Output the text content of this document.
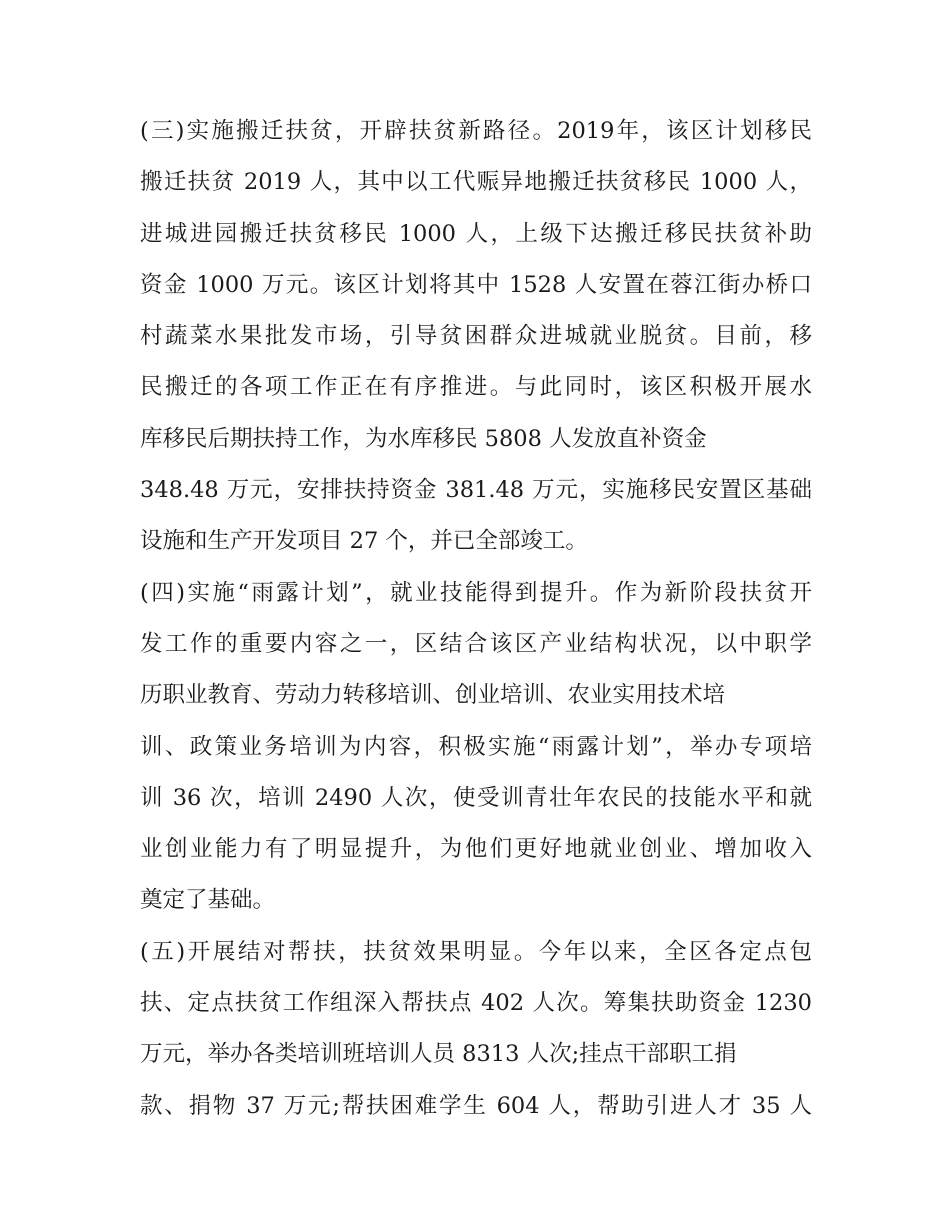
(三)实施搬迁扶贫，开辟扶贫新路径。2019年，该区计划移民
搬迁扶贫 2019 人，其中以工代赈异地搬迁扶贫移民 1000 人，
进城进园搬迁扶贫移民 1000 人，上级下达搬迁移民扶贫补助
资金 1000 万元。该区计划将其中 1528 人安置在蓉江街办桥口
村蔬菜水果批发市场，引导贫困群众进城就业脱贫。目前，移
民搬迁的各项工作正在有序推进。与此同时，该区积极开展水
库移民后期扶持工作，为水库移民 5808 人发放直补资金
348.48 万元，安排扶持资金 381.48 万元，实施移民安置区基础
设施和生产开发项目 27 个，并已全部竣工。
(四)实施“雨露计划”，就业技能得到提升。作为新阶段扶贫开
发工作的重要内容之一，区结合该区产业结构状况，以中职学
历职业教育、劳动力转移培训、创业培训、农业实用技术培
训、政策业务培训为内容，积极实施“雨露计划”，举办专项培
训 36 次，培训 2490 人次，使受训青壮年农民的技能水平和就
业创业能力有了明显提升，为他们更好地就业创业、增加收入
奠定了基础。
(五)开展结对帮扶，扶贫效果明显。今年以来，全区各定点包
扶、定点扶贫工作组深入帮扶点 402 人次。筹集扶助资金 1230
万元，举办各类培训班培训人员 8313 人次;挂点干部职工捐
款、捐物 37 万元;帮扶困难学生 604 人，帮助引进人才 35 人
